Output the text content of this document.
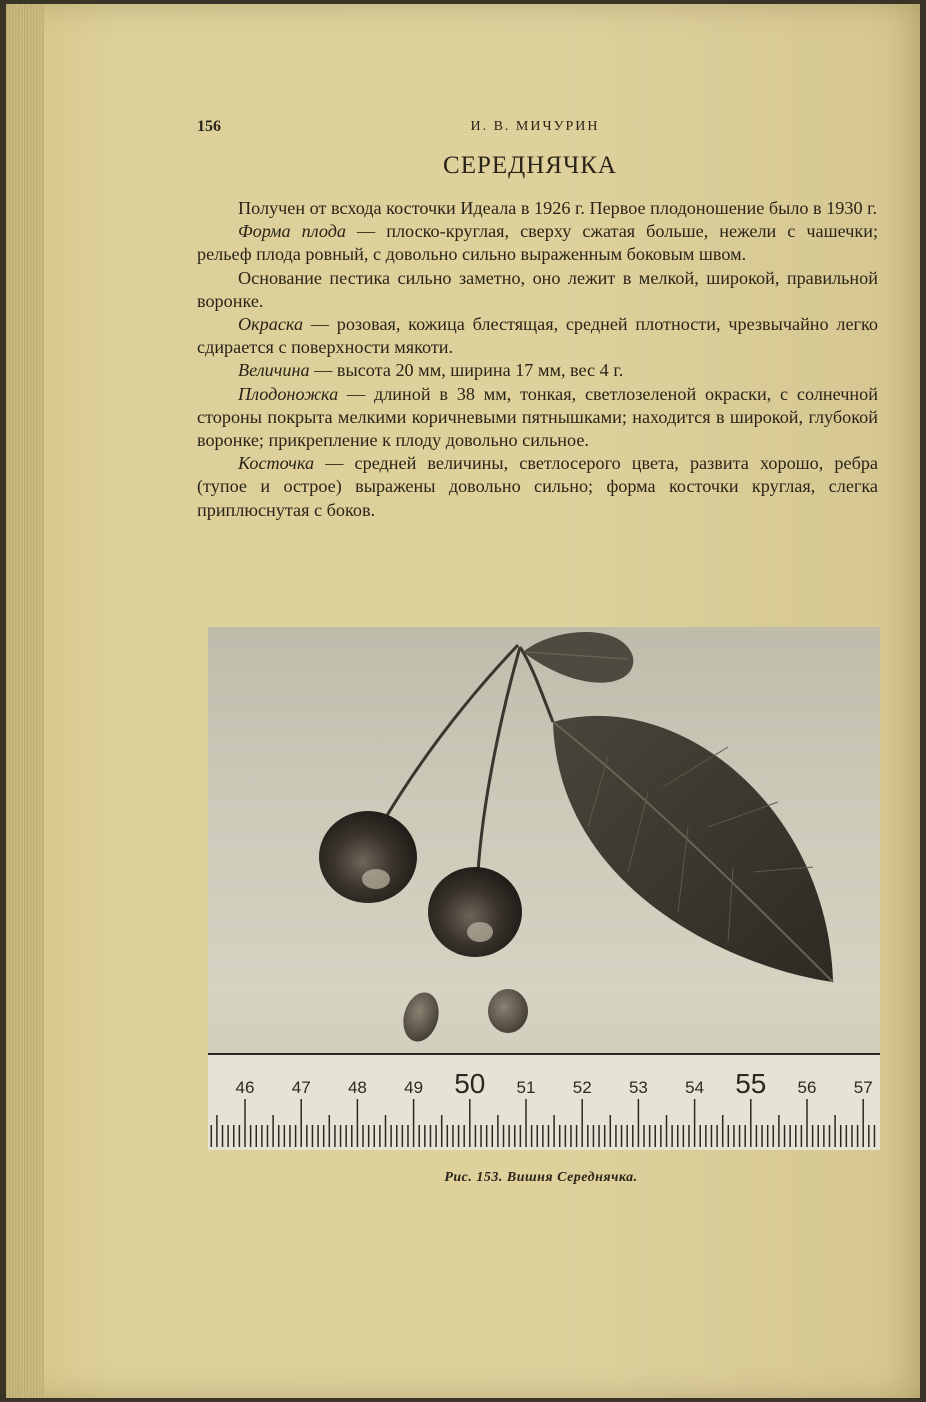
156	И. В. МИЧУРИН
СЕРЕДНЯЧКА

Получен от всхода косточки Идеала в 1926 г. Первое плодоношение было в 1930 г.

Форма плода — плоско-круглая, сверху сжатая больше, нежели с чашечки; рельеф плода ровный, с довольно сильно выраженным боковым швом.

Основание пестика сильно заметно, оно лежит в мелкой, широкой, правильной воронке.

Окраска — розовая, кожица блестящая, средней плотности, чрезвычайно легко сдирается с поверхности мякоти.

Величина — высота 20 мм, ширина 17 мм, вес 4 г.

Плодоножка — длиной в 38 мм, тонкая, светлозеленой окраски, с солнечной стороны покрыта мелкими коричневыми пятнышками; находится в широкой, глубокой воронке; прикрепление к плоду довольно сильное.

Косточка — средней величины, светлосерого цвета, развита хорошо, ребра (тупое и острое) выражены довольно сильно; форма косточки круглая, слегка приплюснутая с боков.

46 47 48 49 50 51 52 53 54 55 56 57
Рис. 153. Вишня Середнячка.
